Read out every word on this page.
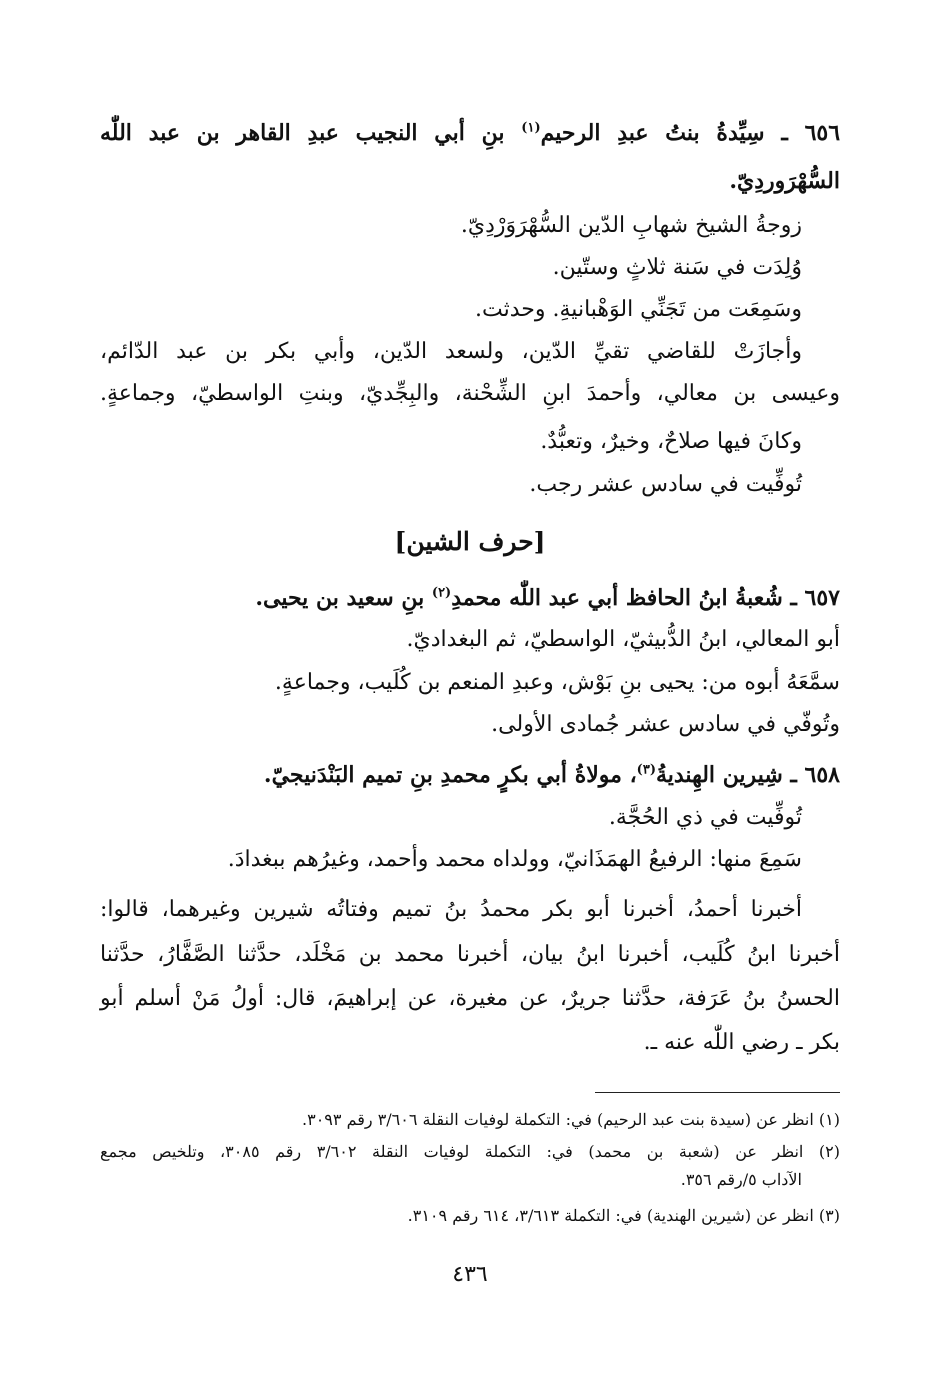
٦٥٦ ـ سِيِّدةُ بنتُ عبدِ الرحيم$^{(١)}$ بنِ أبي النجيب عبدِ القاهر بن عبد اللّٰه
السُّهْرَوردِيّ.
زوجةُ الشيخ شهابِ الدّين السُّهْرَوَرْدِيّ.
وُلِدَت في سَنة ثلاثٍ وستّين.
وسَمِعَت من تَجَنِّي الوَهْبانيةِ. وحدثت.
وأجازَتْ للقاضي تقيِّ الدّين، ولسعد الدّين، وأبي بكر بن عبد الدّائم،
وعيسى بن معالي، وأحمدَ ابنِ الشِّحْنة، والبِجِّديّ، وبنتِ الواسطيّ، وجماعةٍ.
وكانَ فيها صلاحٌ، وخيرٌ، وتعبُّدٌ.
تُوفِّيت في سادس عشر رجب.
[حرف الشين]
٦٥٧ ـ شُعبةُ ابنُ الحافظ أبي عبد اللّٰه محمدِ$^{(٢)}$ بنِ سعيد بن يحيى.
أبو المعالي، ابنُ الدُّبيثيّ، الواسطيّ، ثم البغداديّ.
سمَّعَهُ أبوه من: يحيى بنِ بَوْش، وعبدِ المنعم بن كُلَيب، وجماعةٍ.
وتُوفّي في سادس عشر جُمادى الأولى.
٦٥٨ ـ شِيرين الهِنديةُ$^{(٣)}$، مولاةُ أبي بكرٍ محمدِ بنِ تميم البَنْدَنيجيّ.
تُوفِّيت في ذي الحُجَّة.
سَمِعَ منها: الرفيعُ الهمَذَانيّ، وولداه محمد وأحمد، وغيرُهم ببغدادَ.
أخبرنا أحمدُ، أخبرنا أبو بكر محمدُ بنُ تميم وفتاتُه شيرين وغيرهما، قالوا:
أخبرنا ابنُ كُلَيب، أخبرنا ابنُ بيان، أخبرنا محمد بن مَخْلَد، حدَّثنا الصَّفَّارُ، حدَّثنا
الحسنُ بنُ عَرَفة، حدَّثنا جريرٌ، عن مغيرة، عن إبراهيمَ، قال: أولُ مَنْ أسلم أبو
بكر ـ رضي اللّٰه عنه ـ.
(١) انظر عن (سيدة بنت عبد الرحيم) في: التكملة لوفيات النقلة ٣/٦٠٦ رقم ٣٠٩٣.
(٢) انظر عن (شعبة بن محمد) في: التكملة لوفيات النقلة ٣/٦٠٢ رقم ٣٠٨٥، وتلخيص مجمع
الآداب ٥/رقم ٣٥٦.
(٣) انظر عن (شيرين الهندية) في: التكملة ٣/٦١٣، ٦١٤ رقم ٣١٠٩.
٤٣٦
